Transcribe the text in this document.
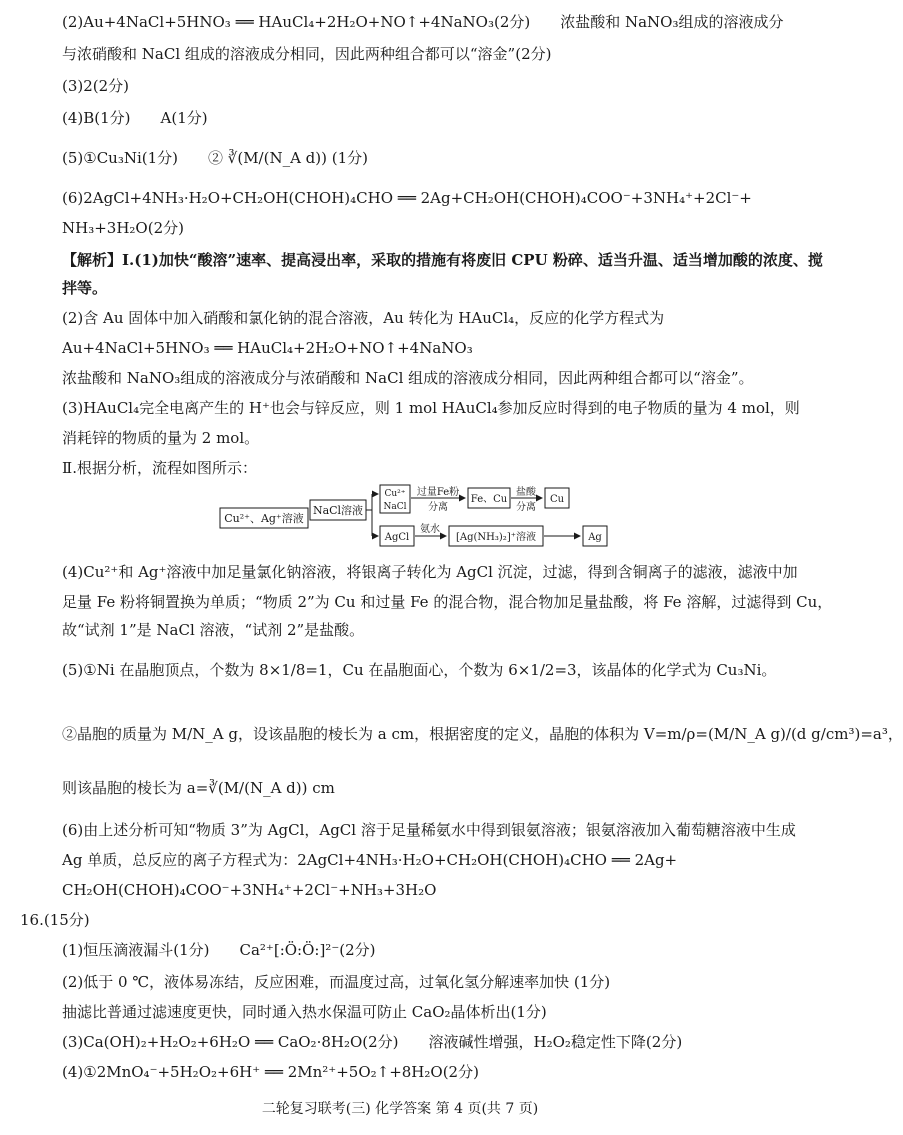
(2)Au+4NaCl+5HNO₃ ══ HAuCl₄+2H₂O+NO↑+4NaNO₃(2分)　　浓盐酸和 NaNO₃组成的溶液成分
与浓硝酸和 NaCl 组成的溶液成分相同，因此两种组合都可以“溶金”(2分)
(3)2(2分)
(4)B(1分)　　A(1分)
(5)①Cu₃Ni(1分)　　② ∛(M/(N_A d)) (1分)
(6)2AgCl+4NH₃·H₂O+CH₂OH(CHOH)₄CHO ══ 2Ag+CH₂OH(CHOH)₄COO⁻+3NH₄⁺+2Cl⁻+
NH₃+3H₂O(2分)
【解析】Ⅰ.(1)加快“酸溶”速率、提高浸出率，采取的措施有将废旧 CPU 粉碎、适当升温、适当增加酸的浓度、搅
拌等。
(2)含 Au 固体中加入硝酸和氯化钠的混合溶液，Au 转化为 HAuCl₄，反应的化学方程式为
Au+4NaCl+5HNO₃ ══ HAuCl₄+2H₂O+NO↑+4NaNO₃
浓盐酸和 NaNO₃组成的溶液成分与浓硝酸和 NaCl 组成的溶液成分相同，因此两种组合都可以“溶金”。
(3)HAuCl₄完全电离产生的 H⁺也会与锌反应，则 1 mol HAuCl₄参加反应时得到的电子物质的量为 4 mol，则
消耗锌的物质的量为 2 mol。
Ⅱ.根据分析，流程如图所示：
Cu²⁺、Ag⁺溶液
NaCl溶液
Cu²⁺
NaCl
过量Fe粉
分离
Fe、Cu
盐酸
分离
Cu
AgCl
氨水
[Ag(NH₃)₂]⁺溶液	Ag
(4)Cu²⁺和 Ag⁺溶液中加足量氯化钠溶液，将银离子转化为 AgCl 沉淀，过滤，得到含铜离子的滤液，滤液中加
足量 Fe 粉将铜置换为单质；“物质 2”为 Cu 和过量 Fe 的混合物，混合物加足量盐酸，将 Fe 溶解，过滤得到 Cu，
故“试剂 1”是 NaCl 溶液，“试剂 2”是盐酸。
(5)①Ni 在晶胞顶点，个数为 8×1/8=1，Cu 在晶胞面心，个数为 6×1/2=3，该晶体的化学式为 Cu₃Ni。
②晶胞的质量为 M/N_A g，设该晶胞的棱长为 a cm，根据密度的定义，晶胞的体积为 V=m/ρ=(M/N_A g)/(d g/cm³)=a³，
则该晶胞的棱长为 a=∛(M/(N_A d)) cm
(6)由上述分析可知“物质 3”为 AgCl，AgCl 溶于足量稀氨水中得到银氨溶液；银氨溶液加入葡萄糖溶液中生成
Ag 单质，总反应的离子方程式为：2AgCl+4NH₃·H₂O+CH₂OH(CHOH)₄CHO ══ 2Ag+
CH₂OH(CHOH)₄COO⁻+3NH₄⁺+2Cl⁻+NH₃+3H₂O
16.(15分)
(1)恒压滴液漏斗(1分)　　Ca²⁺[:Ö:Ö:]²⁻(2分)
(2)低于 0 ℃，液体易冻结，反应困难，而温度过高，过氧化氢分解速率加快 (1分)
抽滤比普通过滤速度更快，同时通入热水保温可防止 CaO₂晶体析出(1分)
(3)Ca(OH)₂+H₂O₂+6H₂O ══ CaO₂·8H₂O(2分)　　溶液碱性增强，H₂O₂稳定性下降(2分)
(4)①2MnO₄⁻+5H₂O₂+6H⁺ ══ 2Mn²⁺+5O₂↑+8H₂O(2分)
二轮复习联考(三) 化学答案 第 4 页(共 7 页)
